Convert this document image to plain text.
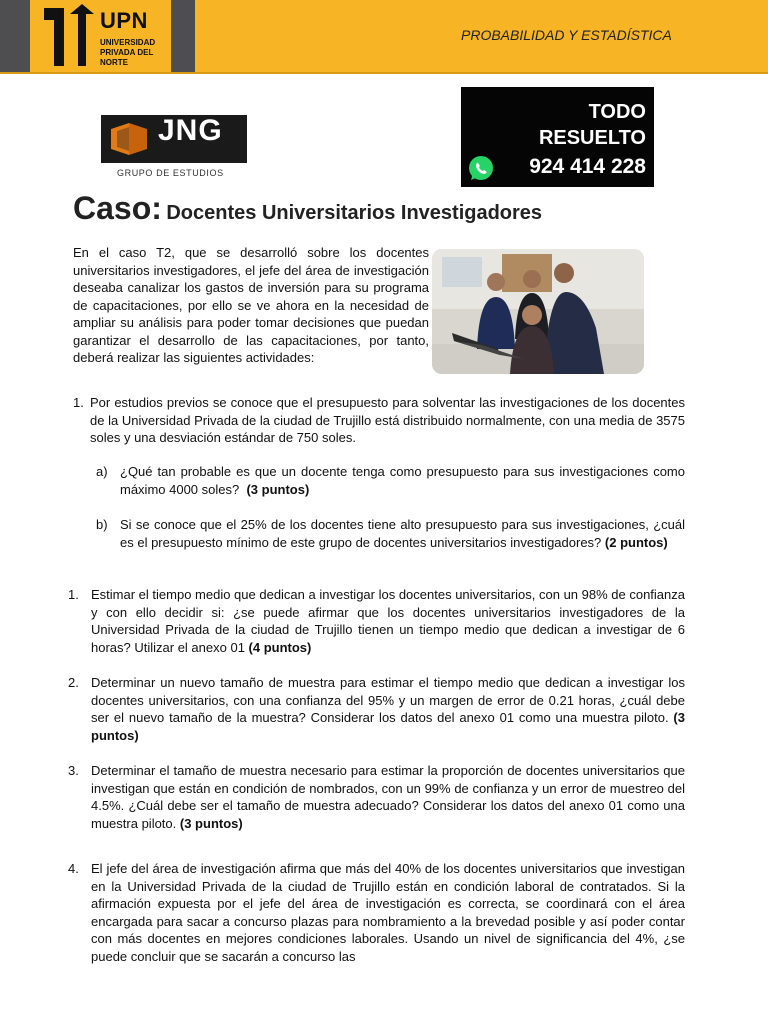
UPN
UNIVERSIDAD PRIVADA DEL NORTE
PROBABILIDAD Y ESTADÍSTICA
JNG
GRUPO DE ESTUDIOS
TODO
RESUELTO
924 414 228
Caso: Docentes Universitarios Investigadores
En el caso T2, que se desarrolló sobre los docentes universitarios investigadores, el jefe del área de investigación deseaba canalizar los gastos de inversión para su programa de capacitaciones, por ello se ve ahora en la necesidad de ampliar su análisis para poder tomar decisiones que puedan garantizar el desarrollo de las capacitaciones, por tanto, deberá realizar las siguientes actividades:
1. Por estudios previos se conoce que el presupuesto para solventar las investigaciones de los docentes de la Universidad Privada de la ciudad de Trujillo está distribuido normalmente, con una media de 3575 soles y una desviación estándar de 750 soles.
a) ¿Qué tan probable es que un docente tenga como presupuesto para sus investigaciones como máximo 4000 soles? (3 puntos)
b) Si se conoce que el 25% de los docentes tiene alto presupuesto para sus investigaciones, ¿cuál es el presupuesto mínimo de este grupo de docentes universitarios investigadores? (2 puntos)
1. Estimar el tiempo medio que dedican a investigar los docentes universitarios, con un 98% de confianza y con ello decidir si: ¿se puede afirmar que los docentes universitarios investigadores de la Universidad Privada de la ciudad de Trujillo tienen un tiempo medio que dedican a investigar de 6 horas? Utilizar el anexo 01 (4 puntos)
2. Determinar un nuevo tamaño de muestra para estimar el tiempo medio que dedican a investigar los docentes universitarios, con una confianza del 95% y un margen de error de 0.21 horas, ¿cuál debe ser el nuevo tamaño de la muestra? Considerar los datos del anexo 01 como una muestra piloto. (3 puntos)
3. Determinar el tamaño de muestra necesario para estimar la proporción de docentes universitarios que investigan que están en condición de nombrados, con un 99% de confianza y un error de muestreo del 4.5%. ¿Cuál debe ser el tamaño de muestra adecuado? Considerar los datos del anexo 01 como una muestra piloto. (3 puntos)
4. El jefe del área de investigación afirma que más del 40% de los docentes universitarios que investigan en la Universidad Privada de la ciudad de Trujillo están en condición laboral de contratados. Si la afirmación expuesta por el jefe del área de investigación es correcta, se coordinará con el área encargada para sacar a concurso plazas para nombramiento a la brevedad posible y así poder contar con más docentes en mejores condiciones laborales. Usando un nivel de significancia del 4%, ¿se puede concluir que se sacarán a concurso las
